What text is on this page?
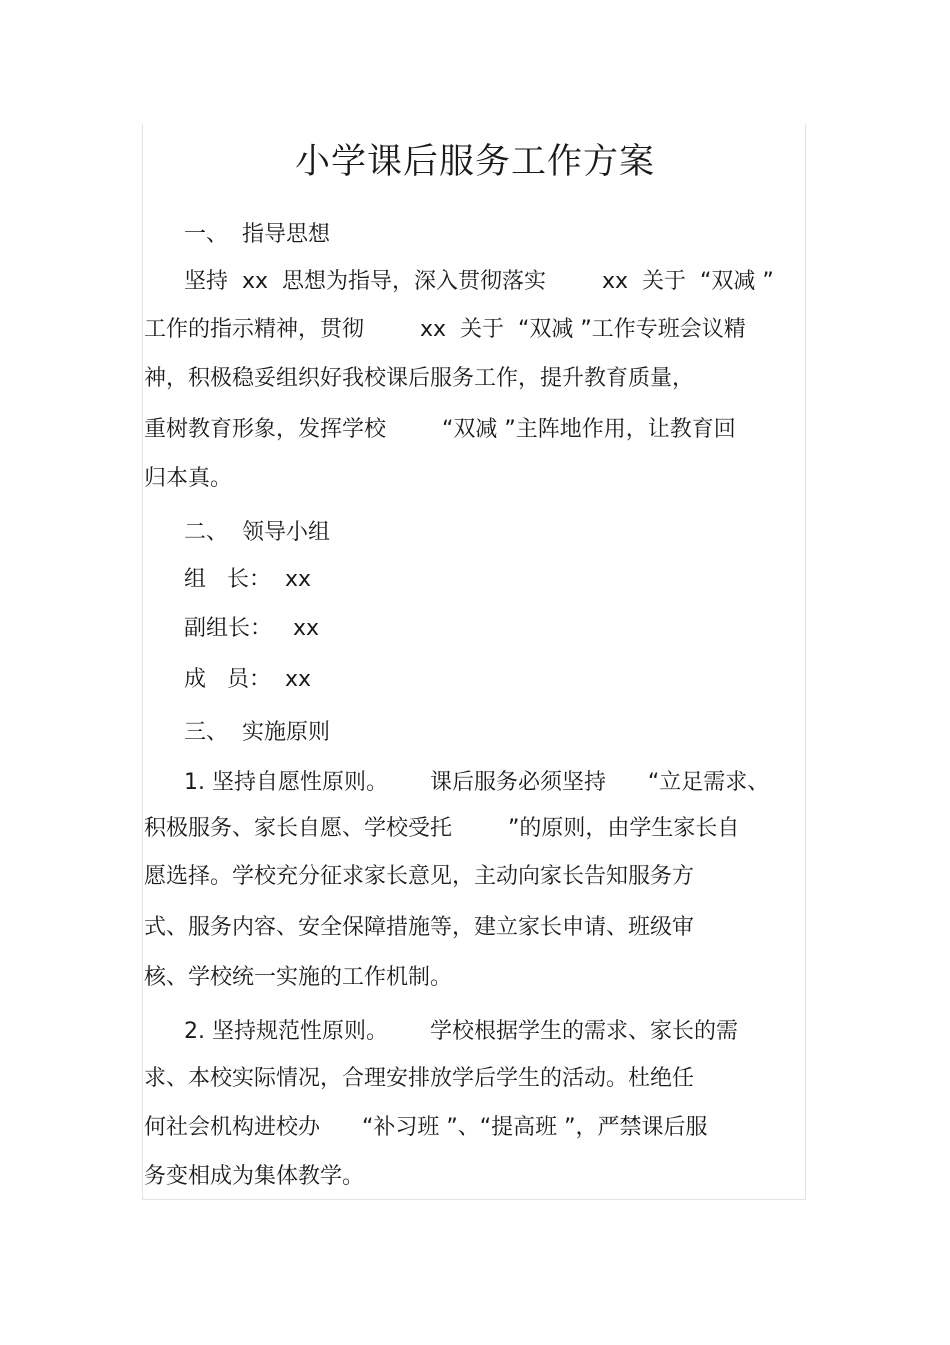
小学课后服务工作方案

一、  指导思想

坚持  xx  思想为指导，深入贯彻落实        xx  关于  “双减 ”

工作的指示精神，贯彻        xx  关于  “双减 ”工作专班会议精

神，积极稳妥组织好我校课后服务工作，提升教育质量，

重树教育形象，发挥学校        “双减 ”主阵地作用，让教育回

归本真。

二、  领导小组

组   长：  xx

副组长：   xx

成   员：  xx

三、  实施原则

1. 坚持自愿性原则。      课后服务必须坚持      “立足需求、

积极服务、家长自愿、学校受托        ”的原则，由学生家长自

愿选择。学校充分征求家长意见，主动向家长告知服务方

式、服务内容、安全保障措施等，建立家长申请、班级审

核、学校统一实施的工作机制。

2. 坚持规范性原则。      学校根据学生的需求、家长的需

求、本校实际情况，合理安排放学后学生的活动。杜绝任

何社会机构进校办      “补习班 ”、“提高班 ”，严禁课后服

务变相成为集体教学。
